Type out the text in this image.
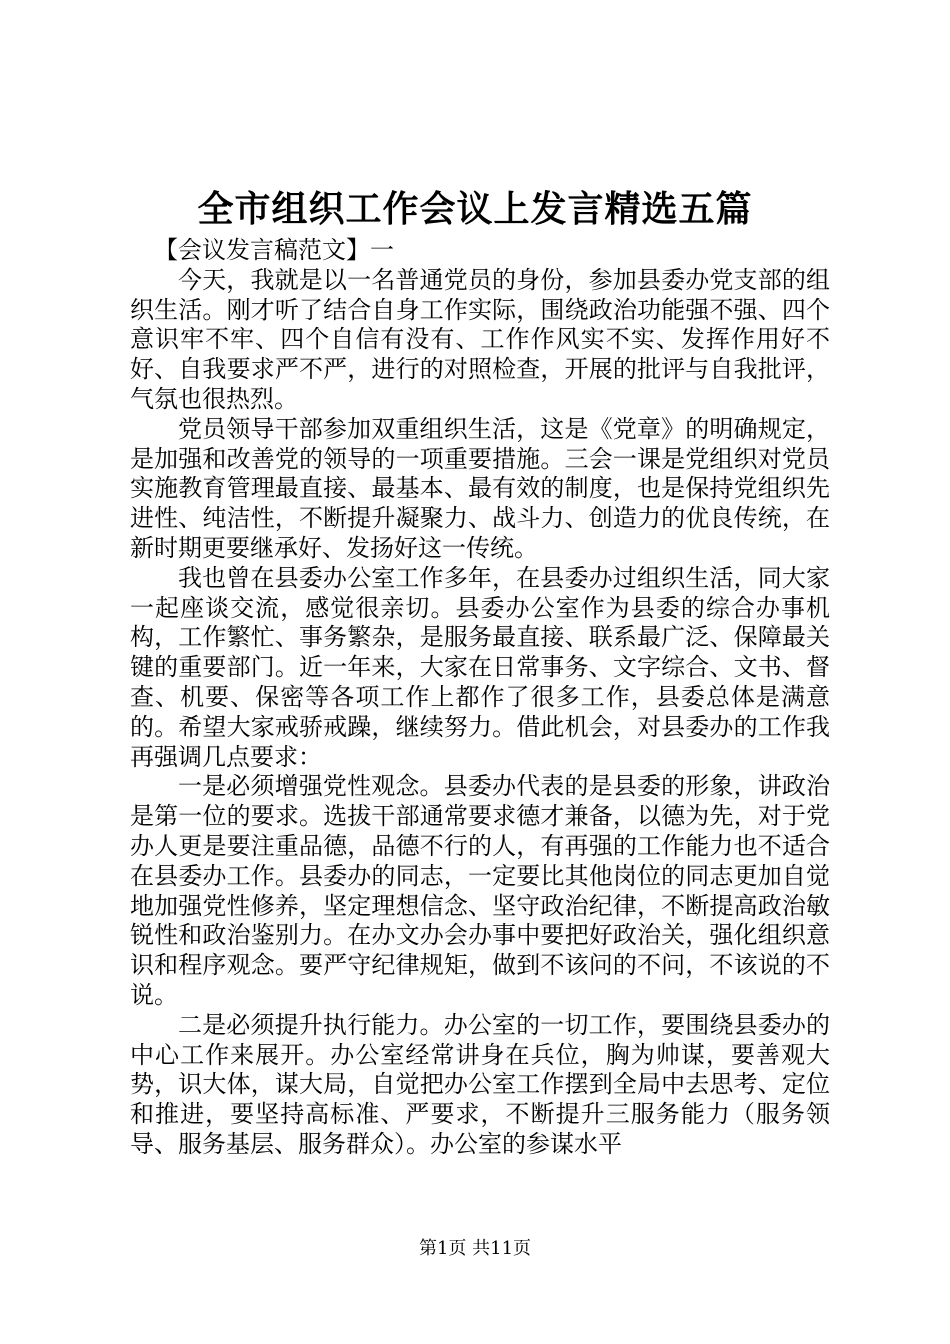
全市组织工作会议上发言精选五篇

【会议发言稿范文】一

今天，我就是以一名普通党员的身份，参加县委办党支部的组织生活。刚才听了结合自身工作实际，围绕政治功能强不强、四个意识牢不牢、四个自信有没有、工作作风实不实、发挥作用好不好、自我要求严不严，进行的对照检查，开展的批评与自我批评，气氛也很热烈。

党员领导干部参加双重组织生活，这是《党章》的明确规定，是加强和改善党的领导的一项重要措施。三会一课是党组织对党员实施教育管理最直接、最基本、最有效的制度，也是保持党组织先进性、纯洁性，不断提升凝聚力、战斗力、创造力的优良传统，在新时期更要继承好、发扬好这一传统。

我也曾在县委办公室工作多年，在县委办过组织生活，同大家一起座谈交流，感觉很亲切。县委办公室作为县委的综合办事机构，工作繁忙、事务繁杂，是服务最直接、联系最广泛、保障最关键的重要部门。近一年来，大家在日常事务、文字综合、文书、督查、机要、保密等各项工作上都作了很多工作，县委总体是满意的。希望大家戒骄戒躁，继续努力。借此机会，对县委办的工作我再强调几点要求：

一是必须增强党性观念。县委办代表的是县委的形象，讲政治是第一位的要求。选拔干部通常要求德才兼备，以德为先，对于党办人更是要注重品德，品德不行的人，有再强的工作能力也不适合在县委办工作。县委办的同志，一定要比其他岗位的同志更加自觉地加强党性修养，坚定理想信念、坚守政治纪律，不断提高政治敏锐性和政治鉴别力。在办文办会办事中要把好政治关，强化组织意识和程序观念。要严守纪律规矩，做到不该问的不问，不该说的不说。

二是必须提升执行能力。办公室的一切工作，要围绕县委办的中心工作来展开。办公室经常讲身在兵位，胸为帅谋，要善观大势，识大体，谋大局，自觉把办公室工作摆到全局中去思考、定位和推进，要坚持高标准、严要求，不断提升三服务能力（服务领导、服务基层、服务群众）。办公室的参谋水平

第1页 共11页
